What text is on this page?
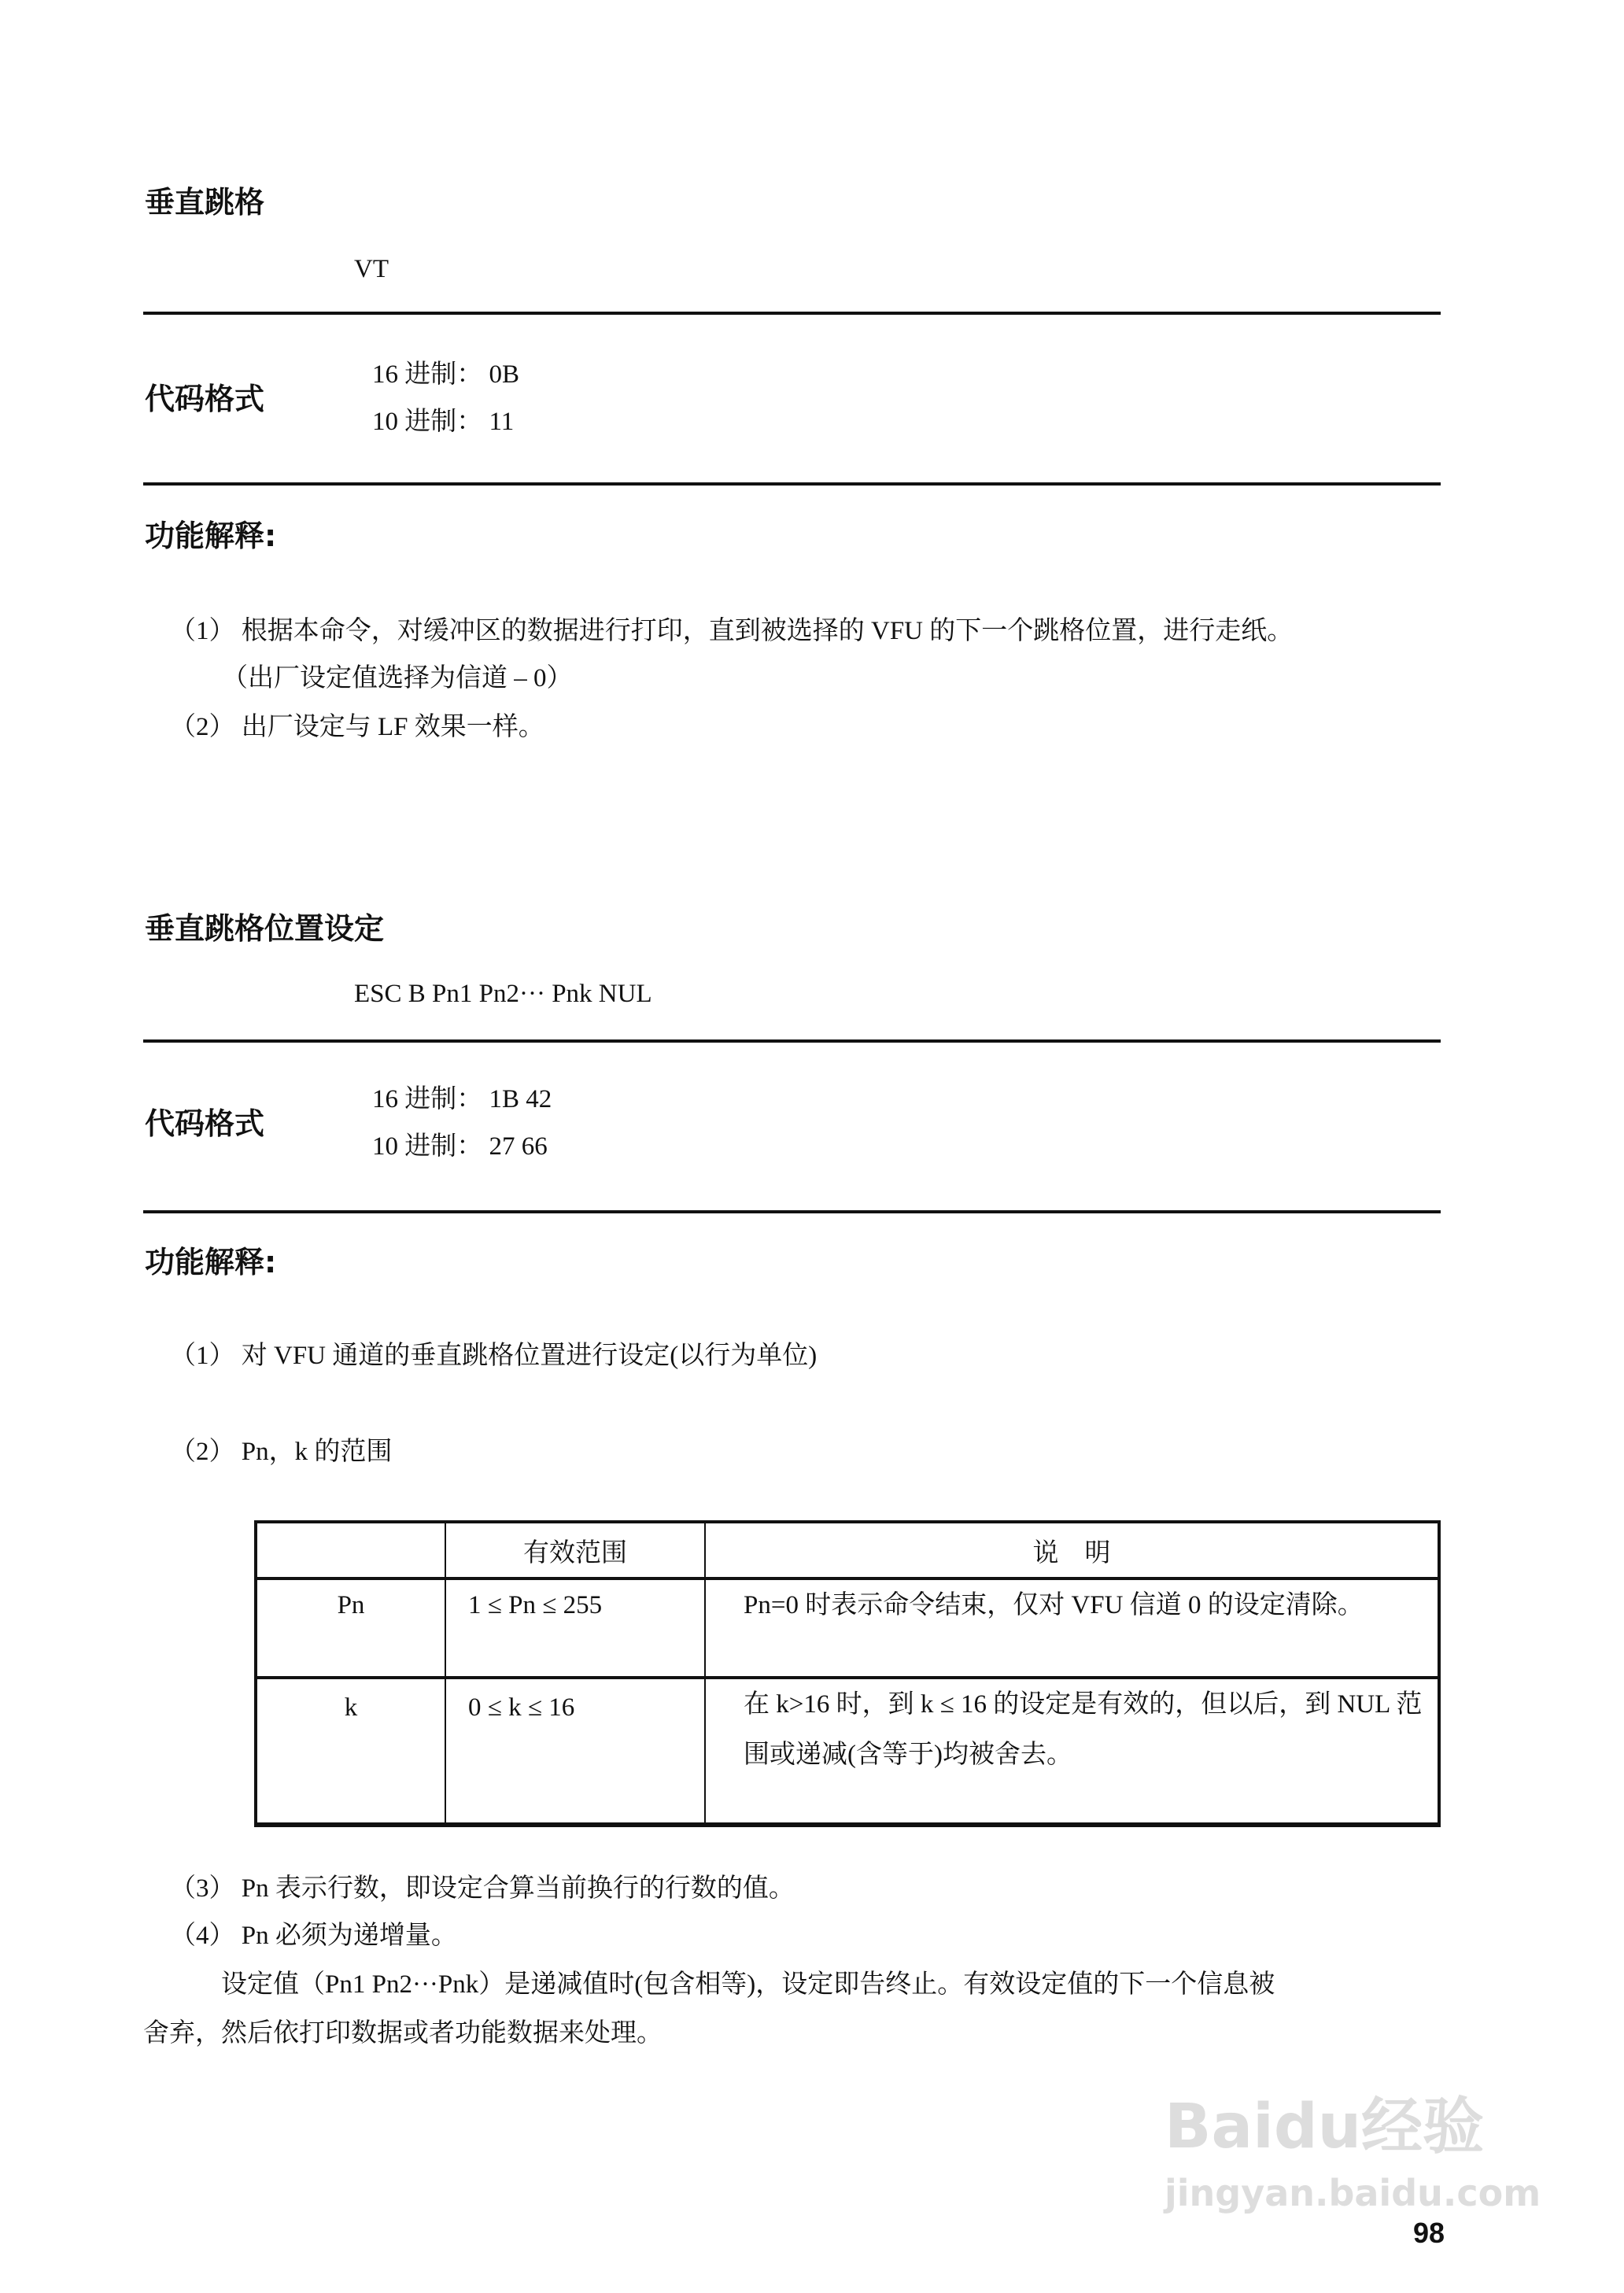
垂直跳格
VT
代码格式
16 进制： 0B
10 进制： 11
功能解释:
（1） 根据本命令，对缓冲区的数据进行打印，直到被选择的 VFU 的下一个跳格位置，进行走纸。
（出厂设定值选择为信道 – 0）
（2） 出厂设定与 LF 效果一样。
垂直跳格位置设定
ESC B Pn1 Pn2··· Pnk NUL
代码格式
16 进制： 1B 42
10 进制： 27 66
功能解释:
（1） 对 VFU 通道的垂直跳格位置进行设定(以行为单位)
（2） Pn，k 的范围
	有效范围	说　明
Pn	1 ≤ Pn ≤ 255	Pn=0 时表示命令结束，仅对 VFU 信道 0 的设定清除。
k	0 ≤ k ≤ 16	在 k>16 时，到 k ≤ 16 的设定是有效的，但以后，到 NUL 范围或递减(含等于)均被舍去。
（3） Pn 表示行数，即设定合算当前换行的行数的值。
（4） Pn 必须为递增量。
设定值（Pn1 Pn2···Pnk）是递减值时(包含相等)，设定即告终止。有效设定值的下一个信息被
舍弃，然后依打印数据或者功能数据来处理。
Baidu经验
jingyan.baidu.com
98
